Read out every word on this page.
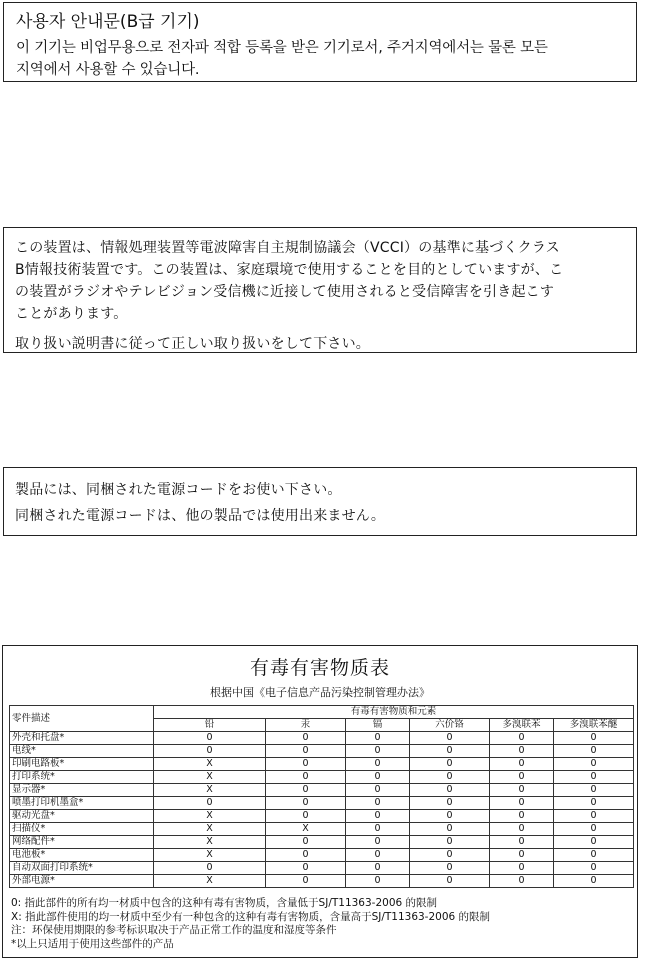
사용자 안내문(B급 기기)
이 기기는 비업무용으로 전자파 적합 등록을 받은 기기로서, 주거지역에서는 물론 모든
지역에서 사용할 수 있습니다.
この装置は、情報処理装置等電波障害自主規制協議会（VCCI）の基準に基づくクラス
B情報技術装置です。この装置は、家庭環境で使用することを目的としていますが、こ
の装置がラジオやテレビジョン受信機に近接して使用されると受信障害を引き起こす
ことがあります。
取り扱い説明書に従って正しい取り扱いをして下さい。
製品には、同梱された電源コードをお使い下さい。
同梱された電源コードは、他の製品では使用出来ません。
有毒有害物质表
根据中国《电子信息产品污染控制管理办法》
零件描述	有毒有害物质和元素					
	铅	汞	镉	六价铬	多溴联苯	多溴联苯醚
外壳和托盘*	0	0	0	0	0	0
电线*	0	0	0	0	0	0
印刷电路板*	X	0	0	0	0	0
打印系统*	X	0	0	0	0	0
显示器*	X	0	0	0	0	0
喷墨打印机墨盒*	0	0	0	0	0	0
驱动光盘*	X	0	0	0	0	0
扫描仪*	X	X	0	0	0	0
网络配件*	X	0	0	0	0	0
电池板*	X	0	0	0	0	0
自动双面打印系统*	0	0	0	0	0	0
外部电源*	X	0	0	0	0	0
0: 指此部件的所有均一材质中包含的这种有毒有害物质，含量低于SJ/T11363-2006 的限制
X: 指此部件使用的均一材质中至少有一种包含的这种有毒有害物质，含量高于SJ/T11363-2006 的限制
注：环保使用期限的参考标识取决于产品正常工作的温度和湿度等条件
*以上只适用于使用这些部件的产品
